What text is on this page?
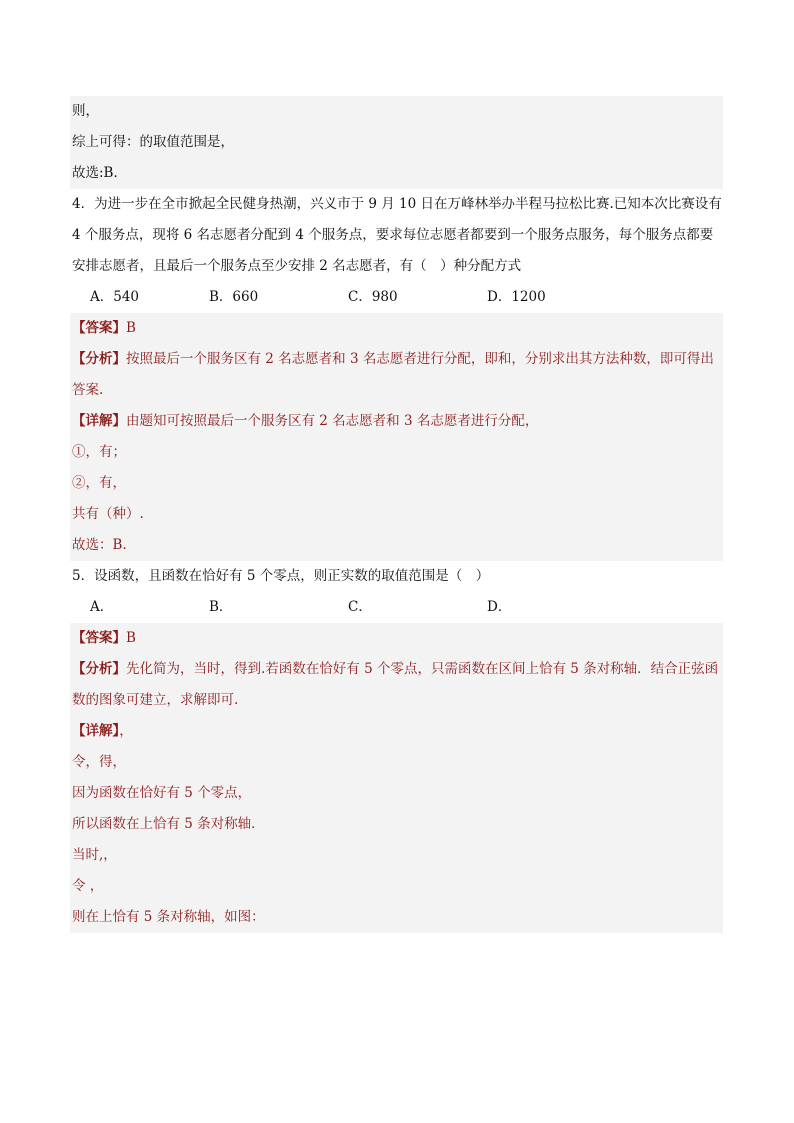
则，
综上可得：的取值范围是，
故选:B．
4．为进一步在全市掀起全民健身热潮，兴义市于 9 月 10 日在万峰林举办半程马拉松比赛.已知本次比赛设有 4 个服务点，现将 6 名志愿者分配到 4 个服务点，要求每位志愿者都要到一个服务点服务，每个服务点都要安排志愿者，且最后一个服务点至少安排 2 名志愿者，有（　）种分配方式
A．540	B．660	C．980	D．1200
【答案】B
【分析】按照最后一个服务区有 2 名志愿者和 3 名志愿者进行分配，即和，分别求出其方法种数，即可得出答案.
【详解】由题知可按照最后一个服务区有 2 名志愿者和 3 名志愿者进行分配，
①，有；
②，有，
共有（种）.
故选：B.
5．设函数，且函数在恰好有 5 个零点，则正实数的取值范围是（　）
A．	B．	C．	D．
【答案】B
【分析】先化简为，当时，得到.若函数在恰好有 5 个零点，只需函数在区间上恰有 5 条对称轴．结合正弦函数的图象可建立，求解即可.
【详解】，
令，得，
因为函数在恰好有 5 个零点，
所以函数在上恰有 5 条对称轴．
当时,，
令 ，
则在上恰有 5 条对称轴，如图：
